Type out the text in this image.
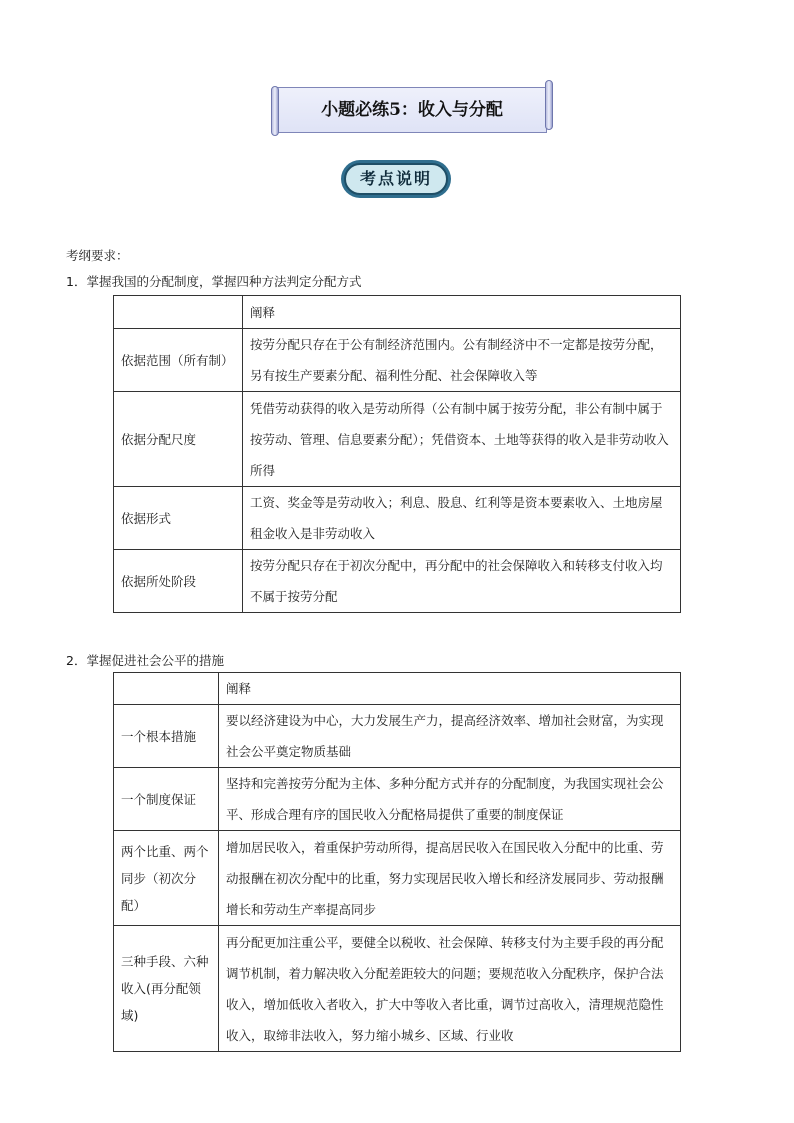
小题必练5：收入与分配
考点说明
考纲要求：
1．掌握我国的分配制度，掌握四种方法判定分配方式
	阐释
依据范围（所有制）	按劳分配只存在于公有制经济范围内。公有制经济中不一定都是按劳分配，另有按生产要素分配、福利性分配、社会保障收入等

依据分配尺度	凭借劳动获得的收入是劳动所得（公有制中属于按劳分配，非公有制中属于按劳动、管理、信息要素分配）；凭借资本、土地等获得的收入是非劳动收入所得

依据形式	工资、奖金等是劳动收入；利息、股息、红利等是资本要素收入、土地房屋租金收入是非劳动收入

依据所处阶段	按劳分配只存在于初次分配中，再分配中的社会保障收入和转移支付收入均不属于按劳分配
2．掌握促进社会公平的措施
	阐释
一个根本措施	要以经济建设为中心，大力发展生产力，提高经济效率、增加社会财富，为实现社会公平奠定物质基础

一个制度保证	坚持和完善按劳分配为主体、多种分配方式并存的分配制度，为我国实现社会公平、形成合理有序的国民收入分配格局提供了重要的制度保证

两个比重、两个同步（初次分配）	增加居民收入，着重保护劳动所得，提高居民收入在国民收入分配中的比重、劳动报酬在初次分配中的比重，努力实现居民收入增长和经济发展同步、劳动报酬增长和劳动生产率提高同步

三种手段、六种收入(再分配领域)	再分配更加注重公平，要健全以税收、社会保障、转移支付为主要手段的再分配调节机制，着力解决收入分配差距较大的问题；要规范收入分配秩序，保护合法收入，增加低收入者收入，扩大中等收入者比重，调节过高收入，清理规范隐性收入，取缔非法收入，努力缩小城乡、区域、行业收
